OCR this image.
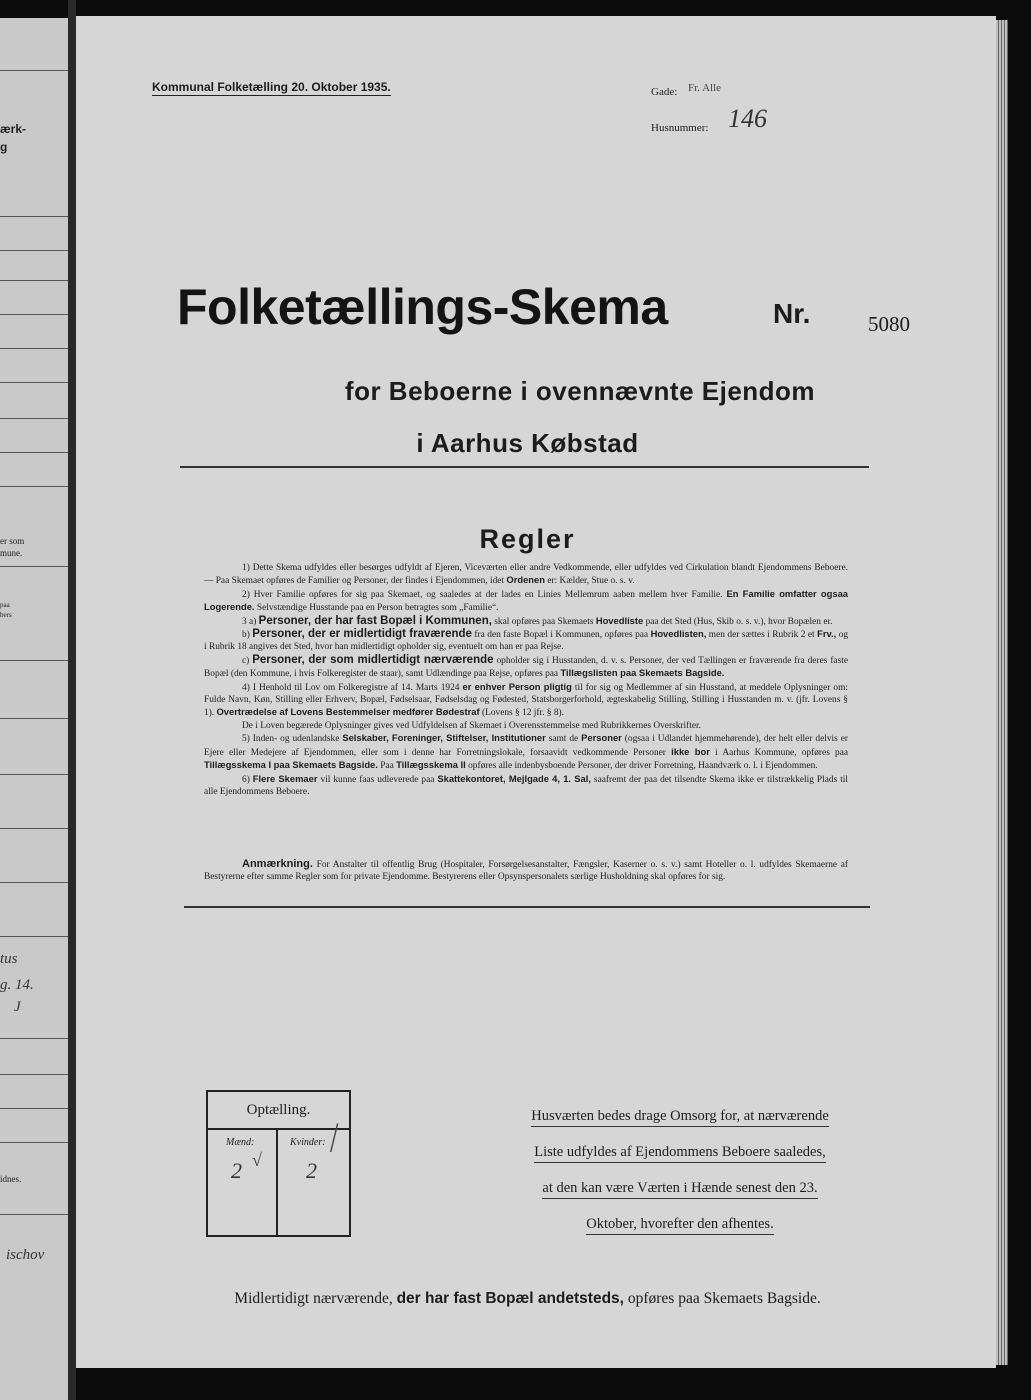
ærk-
g
er som
mune.
paa
bers
tus
g. 14.
J
idnes.
ischov
Kommunal Folketælling 20. Oktober 1935.	Gade: Fr. Alle
Husnummer: 146
Folketællings-Skema	Nr.	5080
for Beboerne i ovennævnte Ejendom
i Aarhus Købstad
Regler

1) Dette Skema udfyldes eller besørges udfyldt af Ejeren, Viceværten eller andre Vedkommende, eller udfyldes ved Cirkulation blandt Ejendommens Beboere. — Paa Skemaet opføres de Familier og Personer, der findes i Ejendommen, idet Ordenen er: Kælder, Stue o. s. v.

2) Hver Familie opføres for sig paa Skemaet, og saaledes at der lades en Linies Mellemrum aaben mellem hver Familie. En Familie omfatter ogsaa Logerende. Selvstændige Husstande paa en Person betragtes som „Familie“.

3 a) Personer, der har fast Bopæl i Kommunen, skal opføres paa Skemaets Hovedliste paa det Sted (Hus, Skib o. s. v.), hvor Bopælen er.

b) Personer, der er midlertidigt fraværende fra den faste Bopæl i Kommunen, opføres paa Hovedlisten, men der sættes i Rubrik 2 et Frv., og i Rubrik 18 angives det Sted, hvor han midlertidigt opholder sig, eventuelt om han er paa Rejse.

c) Personer, der som midlertidigt nærværende opholder sig i Husstanden, d. v. s. Personer, der ved Tællingen er fraværende fra deres faste Bopæl (den Kommune, i hvis Folkeregister de staar), samt Udlændinge paa Rejse, opføres paa Tillægslisten paa Skemaets Bagside.

4) I Henhold til Lov om Folkeregistre af 14. Marts 1924 er enhver Person pligtig til for sig og Medlemmer af sin Husstand, at meddele Oplysninger om: Fulde Navn, Køn, Stilling eller Erhverv, Bopæl, Fødselsaar, Fødselsdag og Fødested, Statsborgerforhold, ægteskabelig Stilling, Stilling i Husstanden m. v. (jfr. Lovens § 1). Overtrædelse af Lovens Bestemmelser medfører Bødestraf (Lovens § 12 jfr. § 8).

De i Loven begærede Oplysninger gives ved Udfyldelsen af Skemaet i Overensstemmelse med Rubrikkernes Overskrifter.

5) Inden- og udenlandske Selskaber, Foreninger, Stiftelser, Institutioner samt de Personer (ogsaa i Udlandet hjemmehørende), der helt eller delvis er Ejere eller Medejere af Ejendommen, eller som i denne har Forretningslokale, forsaavidt vedkommende Personer ikke bor i Aarhus Kommune, opføres paa Tillægsskema I paa Skemaets Bagside. Paa Tillægsskema II opføres alle indenbysboende Personer, der driver Forretning, Haandværk o. l. i Ejendommen.

6) Flere Skemaer vil kunne faas udleverede paa Skattekontoret, Mejlgade 4, 1. Sal, saafremt der paa det tilsendte Skema ikke er tilstrækkelig Plads til alle Ejendommens Beboere.

Anmærkning. For Anstalter til offentlig Brug (Hospitaler, Forsørgelsesanstalter, Fængsler, Kaserner o. s. v.) samt Hoteller o. l. udfyldes Skemaerne af Bestyrerne efter samme Regler som for private Ejendomme. Bestyrerens eller Opsynspersonalets særlige Husholdning skal opføres for sig.

Optælling.
Mænd:	Kvinder:
2	2
√ /	Husværten bedes drage Omsorg for, at nærværende
Liste udfyldes af Ejendommens Beboere saaledes,
at den kan være Værten i Hænde senest den 23.
Oktober, hvorefter den afhentes.
Midlertidigt nærværende, der har fast Bopæl andetsteds, opføres paa Skemaets Bagside.
